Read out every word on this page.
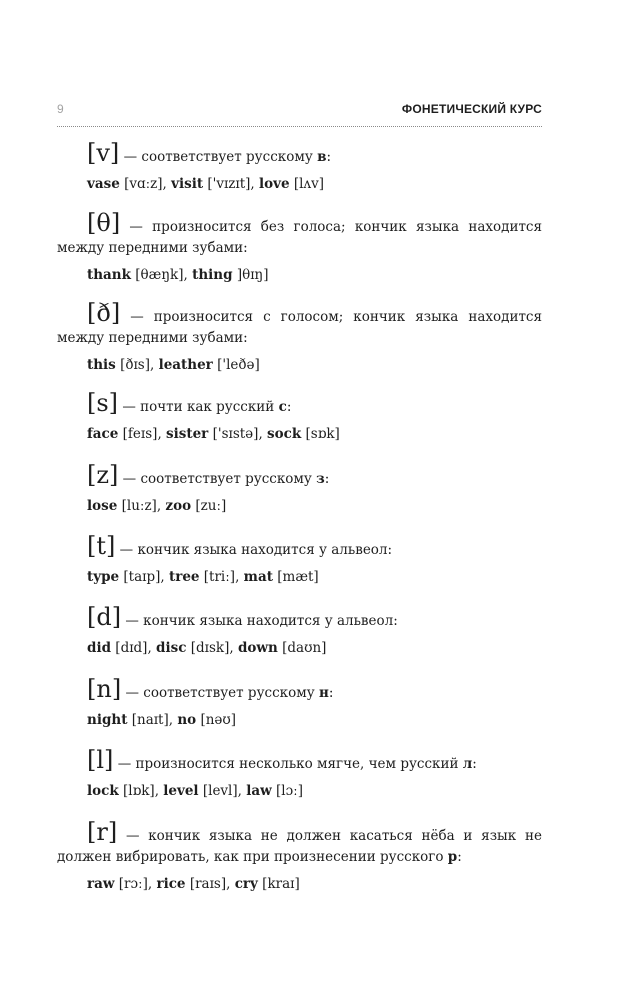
9	ФОНЕТИЧЕСКИЙ КУРС

[v] — соответствует русскому в:

vase [vɑːz], visit ['vɪzɪt], love [lʌv]

[θ] — произносится без голоса; кончик языка находится между передними зубами:

thank [θæŋk], thing ]θɪŋ]

[ð] — произносится с голосом; кончик языка находится между передними зубами:

this [ðɪs], leather ['leðə]

[s] — почти как русский с:

face [feɪs], sister ['sɪstə], sock [sɒk]

[z] — соответствует русскому з:

lose [luːz], zoo [zuː]

[t] — кончик языка находится у альвеол:

type [taɪp], tree [triː], mat [mæt]

[d] — кончик языка находится у альвеол:

did [dɪd], disc [dɪsk], down [daʊn]

[n] — соответствует русскому н:

night [naɪt], no [nəʊ]

[l] — произносится несколько мягче, чем русский л:

lock [lɒk], level [levl], law [lɔː]

[r] — кончик языка не должен касаться нёба и язык не должен вибрировать, как при произнесении русского р:

raw [rɔː], rice [raɪs], cry [kraɪ]
